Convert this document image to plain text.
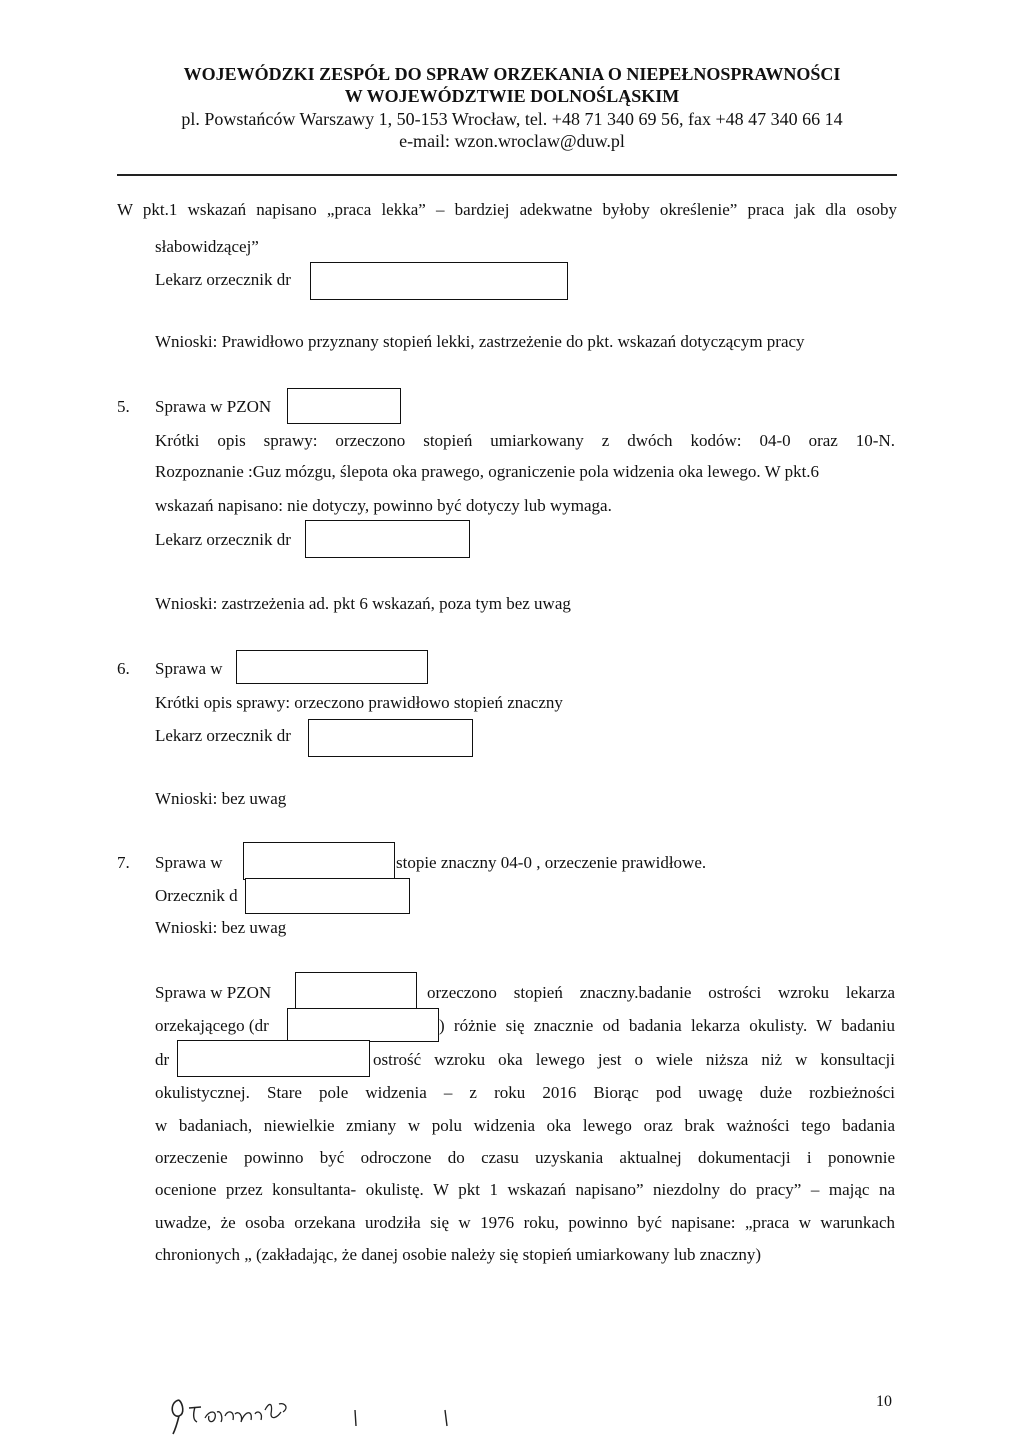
WOJEWÓDZKI ZESPÓŁ DO SPRAW ORZEKANIA O NIEPEŁNOSPRAWNOŚCI
W WOJEWÓDZTWIE DOLNOŚLĄSKIM
pl. Powstańców Warszawy 1, 50-153 Wrocław, tel. +48 71 340 69 56, fax +48 47 340 66 14
e-mail: wzon.wroclaw@duw.pl
W pkt.1 wskazań napisano „praca lekka” – bardziej adekwatne byłoby określenie” praca jak dla osoby
słabowidzącej”
Lekarz orzecznik dr
Wnioski: Prawidłowo przyznany stopień lekki, zastrzeżenie do pkt. wskazań dotyczącym pracy
5. Sprawa w PZON
Krótki opis sprawy: orzeczono stopień umiarkowany z dwóch kodów: 04-0 oraz 10-N.
Rozpoznanie :Guz mózgu, ślepota oka prawego, ograniczenie pola widzenia oka lewego. W pkt.6
wskazań napisano: nie dotyczy, powinno być dotyczy lub wymaga.
Lekarz orzecznik dr
Wnioski: zastrzeżenia ad. pkt 6 wskazań, poza tym bez uwag
6. Sprawa w
Krótki opis sprawy: orzeczono prawidłowo stopień znaczny
Lekarz orzecznik dr
Wnioski: bez uwag
7. Sprawa w	stopie znaczny 04-0 , orzeczenie prawidłowe.
Orzecznik d
Wnioski: bez uwag
Sprawa w PZON	orzeczono stopień znaczny.badanie ostrości wzroku lekarza
orzekającego (dr	) różnie się znacznie od badania lekarza okulisty. W badaniu
dr	ostrość wzroku oka lewego jest o wiele niższa niż w konsultacji
okulistycznej. Stare pole widzenia – z roku 2016 Biorąc pod uwagę duże rozbieżności
w badaniach, niewielkie zmiany w polu widzenia oka lewego oraz brak ważności tego badania
orzeczenie powinno być odroczone do czasu uzyskania aktualnej dokumentacji i ponownie
ocenione przez konsultanta- okulistę. W pkt 1 wskazań napisano” niezdolny do pracy” – mając na
uwadze, że osoba orzekana urodziła się w 1976 roku, powinno być napisane: „praca w warunkach
chronionych „ (zakładając, że danej osobie należy się stopień umiarkowany lub znaczny)
10
